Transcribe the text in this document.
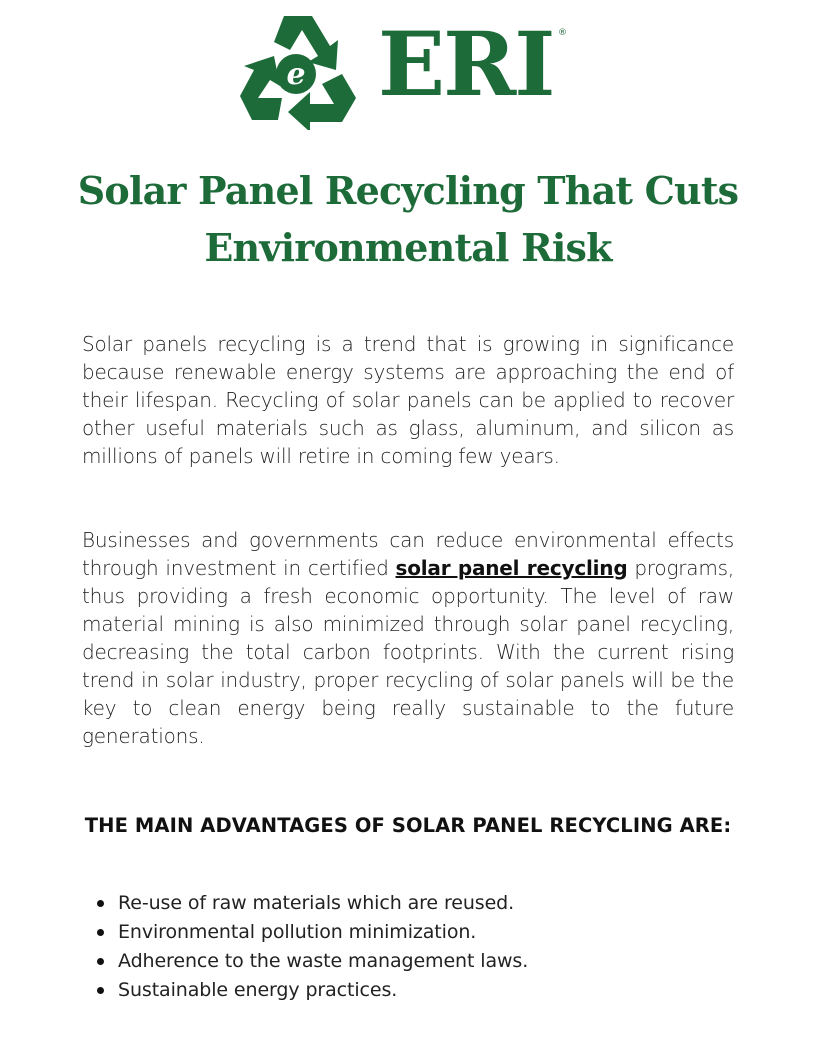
e ERI ®
Solar Panel Recycling That Cuts
Environmental Risk

Solar panels recycling is a trend that is growing in significance because renewable energy systems are approaching the end of their lifespan. Recycling of solar panels can be applied to recover other useful materials such as glass, aluminum, and silicon as millions of panels will retire in coming few years.

Businesses and governments can reduce environmental effects through investment in certified solar panel recycling programs, thus providing a fresh economic opportunity. The level of raw material mining is also minimized through solar panel recycling, decreasing the total carbon footprints. With the current rising trend in solar industry, proper recycling of solar panels will be the key to clean energy being really sustainable to the future generations.

THE MAIN ADVANTAGES OF SOLAR PANEL RECYCLING ARE:
Re-use of raw materials which are reused.
Environmental pollution minimization.
Adherence to the waste management laws.
Sustainable energy practices.
